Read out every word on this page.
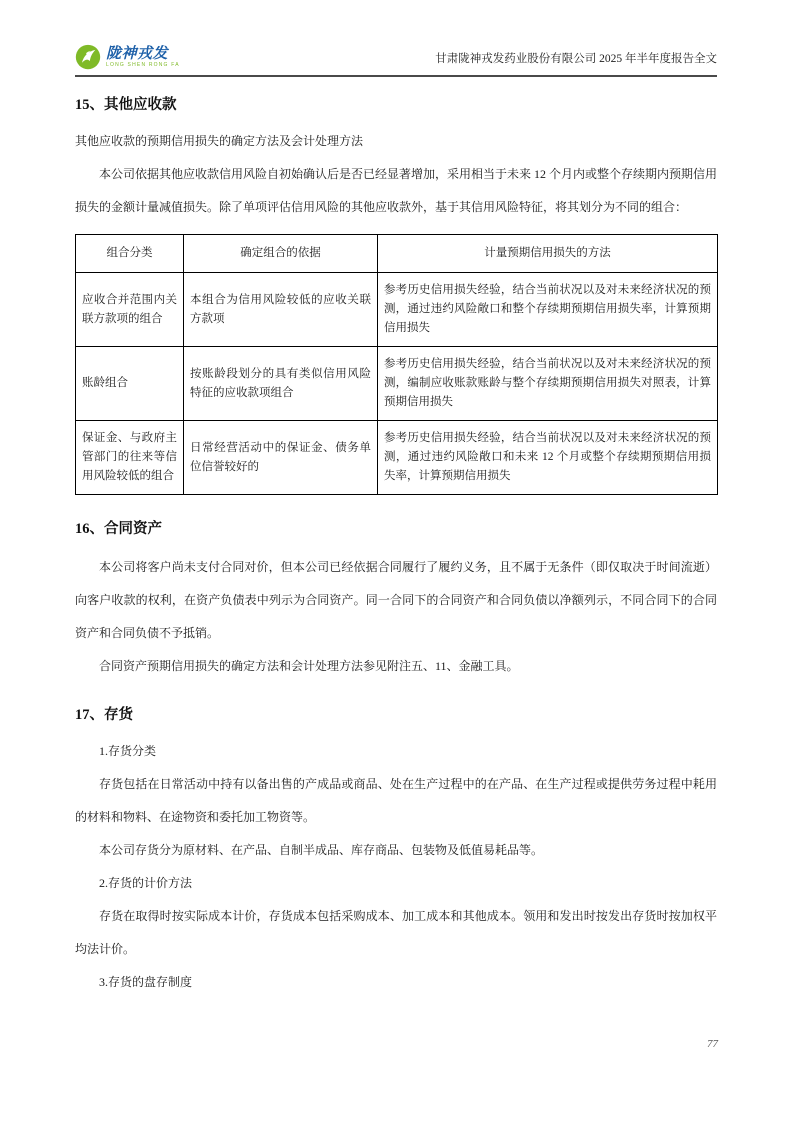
陇神戎发
LONG SHEN RONG FA	甘肃陇神戎发药业股份有限公司 2025 年半年度报告全文
15、其他应收款

其他应收款的预期信用损失的确定方法及会计处理方法

本公司依据其他应收款信用风险自初始确认后是否已经显著增加，采用相当于未来 12 个月内或整个存续期内预期信用损失的金额计量减值损失。除了单项评估信用风险的其他应收款外，基于其信用风险特征，将其划分为不同的组合：

组合分类	确定组合的依据	计量预期信用损失的方法
应收合并范围内关联方款项的组合	本组合为信用风险较低的应收关联方款项	参考历史信用损失经验，结合当前状况以及对未来经济状况的预测，通过违约风险敞口和整个存续期预期信用损失率，计算预期信用损失
账龄组合	按账龄段划分的具有类似信用风险特征的应收款项组合	参考历史信用损失经验，结合当前状况以及对未来经济状况的预测，编制应收账款账龄与整个存续期预期信用损失对照表，计算预期信用损失
保证金、与政府主管部门的往来等信用风险较低的组合	日常经营活动中的保证金、债务单位信誉较好的	参考历史信用损失经验，结合当前状况以及对未来经济状况的预测，通过违约风险敞口和未来 12 个月或整个存续期预期信用损失率，计算预期信用损失
16、合同资产

本公司将客户尚未支付合同对价，但本公司已经依据合同履行了履约义务，且不属于无条件（即仅取决于时间流逝）向客户收款的权利，在资产负债表中列示为合同资产。同一合同下的合同资产和合同负债以净额列示，不同合同下的合同资产和合同负债不予抵销。

合同资产预期信用损失的确定方法和会计处理方法参见附注五、11、金融工具。

17、存货

1.存货分类

存货包括在日常活动中持有以备出售的产成品或商品、处在生产过程中的在产品、在生产过程或提供劳务过程中耗用的材料和物料、在途物资和委托加工物资等。

本公司存货分为原材料、在产品、自制半成品、库存商品、包装物及低值易耗品等。

2.存货的计价方法

存货在取得时按实际成本计价，存货成本包括采购成本、加工成本和其他成本。领用和发出时按发出存货时按加权平均法计价。

3.存货的盘存制度

77
